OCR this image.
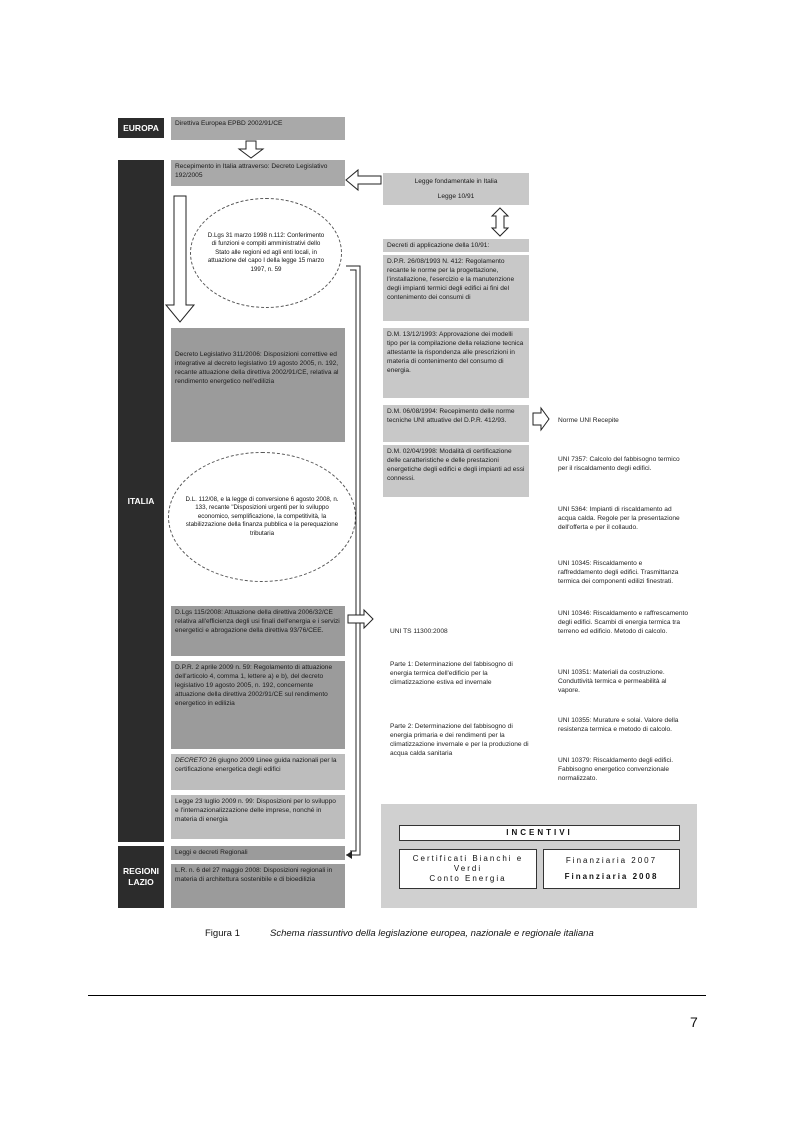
EUROPA
ITALIA
REGIONI
LAZIO
Direttiva Europea EPBD 2002/91/CE
Recepimento in Italia attraverso: Decreto Legislativo 192/2005
Decreto Legislativo 311/2006: Disposizioni correttive ed integrative al decreto legislativo 19 agosto 2005, n. 192, recante attuazione della direttiva 2002/91/CE, relativa al rendimento energetico nell'edilizia
D.Lgs 115/2008: Attuazione della direttiva 2006/32/CE relativa all'efficienza degli usi finali dell'energia e i servizi energetici e abrogazione della direttiva 93/76/CEE.
D.P.R. 2 aprile 2009 n. 59: Regolamento di attuazione dell'articolo 4, comma 1, lettere a) e b), del decreto legislativo 19 agosto 2005, n. 192, concernente attuazione della direttiva 2002/91/CE sul rendimento energetico in edilizia
DECRETO 26 giugno 2009 Linee guida nazionali per la certificazione energetica degli edifici
Legge 23 luglio 2009 n. 99: Disposizioni per lo sviluppo e l'internazionalizzazione delle imprese, nonché in materia di energia
Leggi e decreti Regionali
L.R. n. 6 del 27 maggio 2008: Disposizioni regionali in materia di architettura sostenibile e di bioedilizia
D.Lgs 31 marzo 1998 n.112: Conferimento di funzioni e compiti amministrativi dello Stato alle regioni ed agli enti locali, in attuazione del capo I della legge 15 marzo 1997, n. 59
D.L. 112/08, e la legge di conversione 6 agosto 2008, n. 133, recante "Disposizioni urgenti per lo sviluppo economico, semplificazione, la competitività, la stabilizzazione della finanza pubblica e la perequazione tributaria
Legge fondamentale in Italia
Legge 10/91
Decreti di applicazione della 10/91:
D.P.R. 26/08/1993 N. 412: Regolamento recante le norme per la progettazione, l'installazione, l'esercizio e la manutenzione degli impianti termici degli edifici ai fini del contenimento dei consumi di
D.M. 13/12/1993: Approvazione dei modelli tipo per la compilazione della relazione tecnica attestante la rispondenza alle prescrizioni in materia di contenimento del consumo di energia.
D.M. 06/08/1994: Recepimento delle norme tecniche UNI attuative del D.P.R. 412/93.
D.M. 02/04/1998: Modalità di certificazione delle caratteristiche e delle prestazioni energetiche degli edifici e degli impianti ad essi connessi.
Norme UNI Recepite
UNI 7357: Calcolo del fabbisogno termico per il riscaldamento degli edifici.
UNI 5364: Impianti di riscaldamento ad acqua calda. Regole per la presentazione dell'offerta e per il collaudo.
UNI 10345: Riscaldamento e raffreddamento degli edifici. Trasmittanza termica dei componenti edilizi finestrati.
UNI 10346: Riscaldamento e raffrescamento degli edifici. Scambi di energia termica tra terreno ed edificio. Metodo di calcolo.
UNI 10351: Materiali da costruzione. Conduttività termica e permeabilità al vapore.
UNI 10355: Murature e solai. Valore della resistenza termica e metodo di calcolo.
UNI 10379: Riscaldamento degli edifici. Fabbisogno energetico convenzionale normalizzato.
UNI TS 11300:2008
Parte 1: Determinazione del fabbisogno di energia termica dell'edificio per la climatizzazione estiva ed invernale
Parte 2: Determinazione del fabbisogno di energia primaria e dei rendimenti per la climatizzazione invernale e per la produzione di acqua calda sanitaria
INCENTIVI
Certificati Bianchi e Verdi
Conto Energia
Finanziaria 2007
Finanziaria 2008
Figura 1	Schema riassuntivo della legislazione europea, nazionale e regionale italiana
7
